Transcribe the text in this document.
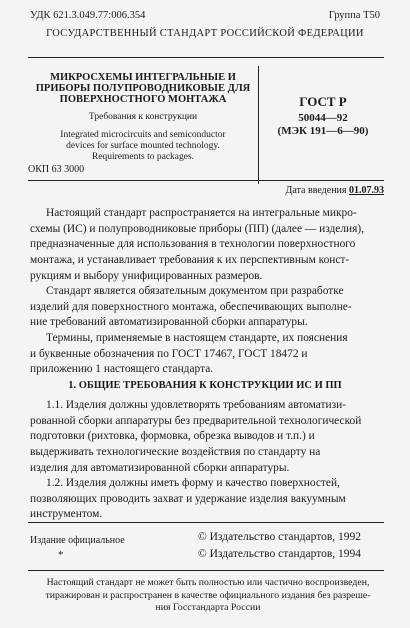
УДК 621.3.049.77:006.354	Группа Т50
ГОСУДАРСТВЕННЫЙ СТАНДАРТ РОССИЙСКОЙ ФЕДЕРАЦИИ
МИКРОСХЕМЫ ИНТЕГРАЛЬНЫЕ И
ПРИБОРЫ ПОЛУПРОВОДНИКОВЫЕ ДЛЯ
ПОВЕРХНОСТНОГО МОНТАЖА
Требования к конструкции
Integrated microcircuits and semiconductor
devices for surface mounted technology.
Requirements to packages.
ОКП 63 3000
ГОСТ Р
50044—92
(МЭК 191—6—90)
Дата введения 01.07.93
Настоящий стандарт распространяется на интегральные микро-
схемы (ИС) и полупроводниковые приборы (ПП) (далее — изделия),
предназначенные для использования в технологии поверхностного
монтажа, и устанавливает требования к их перспективным конст-
рукциям и выбору унифицированных размеров.
Стандарт является обязательным документом при разработке
изделий для поверхностного монтажа, обеспечивающих выполне-
ние требований автоматизированной сборки аппаратуры.
Термины, применяемые в настоящем стандарте, их пояснения
и буквенные обозначения по ГОСТ 17467, ГОСТ 18472 и
приложению 1 настоящего стандарта.
1. ОБЩИЕ ТРЕБОВАНИЯ К КОНСТРУКЦИИ ИС И ПП
1.1. Изделия должны удовлетворять требованиям автоматизи-
рованной сборки аппаратуры без предварительной технологической
подготовки (рихтовка, формовка, обрезка выводов и т.п.) и
выдерживать технологические воздействия по стандарту на
изделия для автоматизированной сборки аппаратуры.
1.2. Изделия должны иметь форму и качество поверхностей,
позволяющих проводить захват и удержание изделия вакуумным
инструментом.
Издание официальное
*
© Издательство стандартов, 1992
© Издательство стандартов, 1994
Настоящий стандарт не может быть полностью или частично воспроизведен,
тиражирован и распространен в качестве официального издания без разреше-
ния Госстандарта России
